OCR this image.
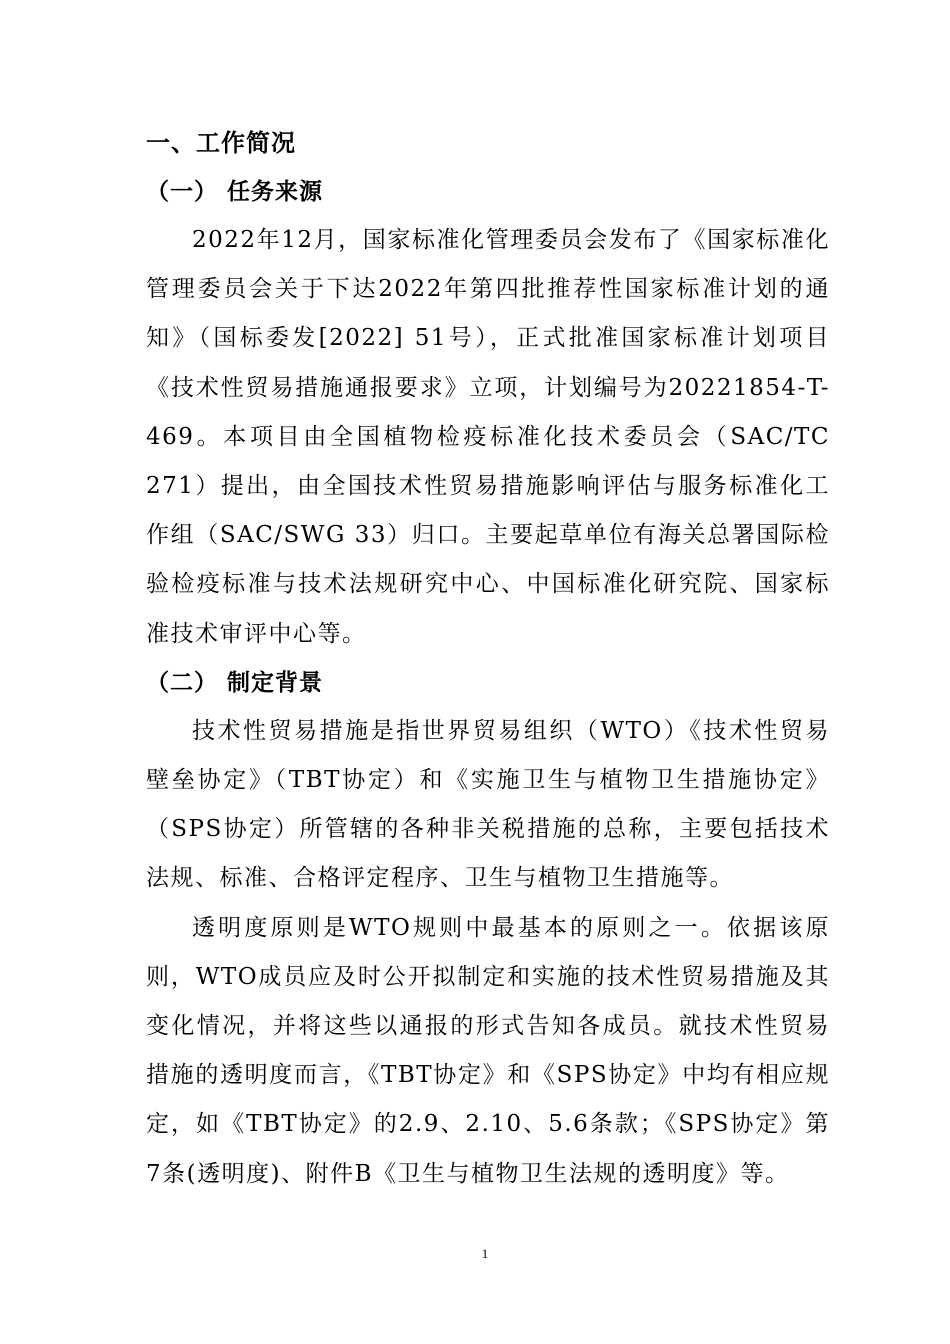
一、工作简况
（一） 任务来源

2022年12月，国家标准化管理委员会发布了《国家标准化管理委员会关于下达2022年第四批推荐性国家标准计划的通知》（国标委发[2022] 51号），正式批准国家标准计划项目《技术性贸易措施通报要求》立项，计划编号为20221854-T-469。本项目由全国植物检疫标准化技术委员会（SAC/TC 271）提出，由全国技术性贸易措施影响评估与服务标准化工作组（SAC/SWG 33）归口。主要起草单位有海关总署国际检验检疫标准与技术法规研究中心、中国标准化研究院、国家标准技术审评中心等。

（二） 制定背景

技术性贸易措施是指世界贸易组织（WTO）《技术性贸易壁垒协定》（TBT协定）和《实施卫生与植物卫生措施协定》（SPS协定）所管辖的各种非关税措施的总称，主要包括技术法规、标准、合格评定程序、卫生与植物卫生措施等。

透明度原则是WTO规则中最基本的原则之一。依据该原则，WTO成员应及时公开拟制定和实施的技术性贸易措施及其变化情况，并将这些以通报的形式告知各成员。就技术性贸易措施的透明度而言，《TBT协定》和《SPS协定》中均有相应规定，如《TBT协定》的2.9、2.10、5.6条款；《SPS协定》第7条(透明度)、附件B《卫生与植物卫生法规的透明度》等。

1
